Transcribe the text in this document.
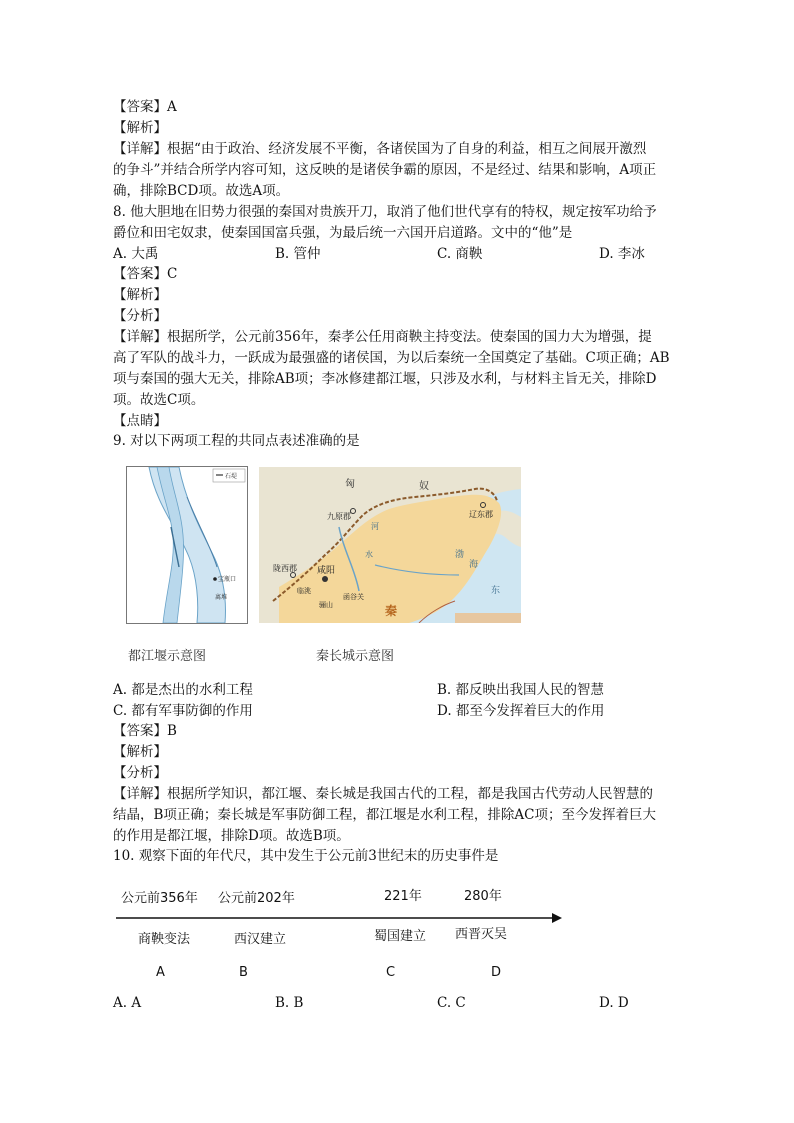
【答案】A
【解析】
【详解】根据“由于政治、经济发展不平衡，各诸侯国为了自身的利益，相互之间展开激烈
的争斗”并结合所学内容可知，这反映的是诸侯争霸的原因，不是经过、结果和影响，A项正
确，排除BCD项。故选A项。
8. 他大胆地在旧势力很强的秦国对贵族开刀，取消了他们世代享有的特权，规定按军功给予
爵位和田宅奴隶，使秦国国富兵强，为最后统一六国开启道路。文中的“他”是
A. 大禹	B. 管仲	C. 商鞅	D. 李冰
【答案】C
【解析】
【分析】
【详解】根据所学，公元前356年，秦孝公任用商鞅主持变法。使秦国的国力大为增强，提
高了军队的战斗力，一跃成为最强盛的诸侯国，为以后秦统一全国奠定了基础。C项正确；AB
项与秦国的强大无关，排除AB项；李冰修建都江堰，只涉及水利，与材料主旨无关，排除D
项。故选C项。
【点睛】
9. 对以下两项工程的共同点表述准确的是
石堤
宝瓶口
离堆
匈	奴
九原郡	辽东郡
陇西郡 咸阳
临洮
骊山
函谷关
秦
渤
海
东
河
水
都江堰示意图	秦长城示意图
A. 都是杰出的水利工程	B. 都反映出我国人民的智慧
C. 都有军事防御的作用	D. 都至今发挥着巨大的作用
【答案】B
【解析】
【分析】
【详解】根据所学知识，都江堰、秦长城是我国古代的工程，都是我国古代劳动人民智慧的
结晶，B项正确；秦长城是军事防御工程，都江堰是水利工程，排除AC项；至今发挥着巨大
的作用是都江堰，排除D项。故选B项。
10. 观察下面的年代尺，其中发生于公元前3世纪末的历史事件是
公元前356年 公元前202年	221年	280年
商鞅变法	西汉建立	蜀国建立 西晋灭吴
A	B	C	D
A. A	B. B	C. C	D. D
